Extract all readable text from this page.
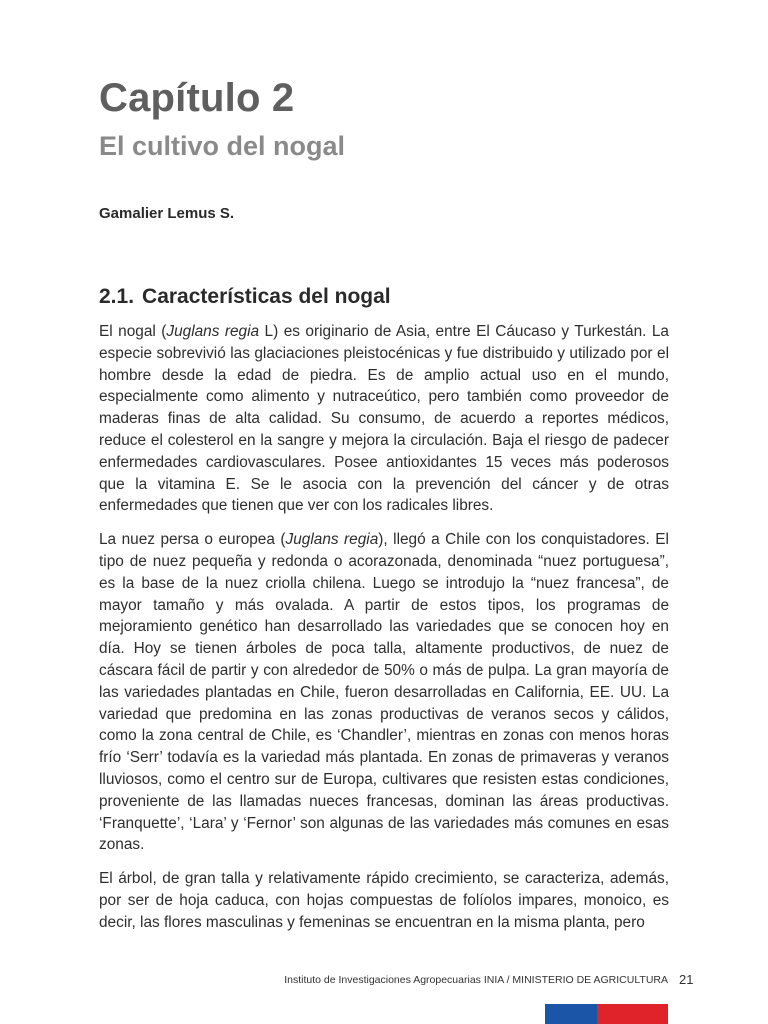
Capítulo 2
El cultivo del nogal
Gamalier Lemus S.
2.1. Características del nogal

El nogal (Juglans regia L) es originario de Asia, entre El Cáucaso y Turkestán. La especie sobrevivió las glaciaciones pleistocénicas y fue distribuido y utilizado por el hombre desde la edad de piedra. Es de amplio actual uso en el mundo, especialmente como alimento y nutraceútico, pero también como proveedor de maderas finas de alta calidad. Su consumo, de acuerdo a reportes médicos, reduce el colesterol en la sangre y mejora la circulación. Baja el riesgo de padecer enfermedades cardiovasculares. Posee antioxidantes 15 veces más poderosos que la vitamina E. Se le asocia con la prevención del cáncer y de otras enfermedades que tienen que ver con los radicales libres.

La nuez persa o europea (Juglans regia), llegó a Chile con los conquistadores. El tipo de nuez pequeña y redonda o acorazonada, denominada “nuez portuguesa”, es la base de la nuez criolla chilena. Luego se introdujo la “nuez francesa”, de mayor tamaño y más ovalada. A partir de estos tipos, los programas de mejoramiento genético han desarrollado las variedades que se conocen hoy en día. Hoy se tienen árboles de poca talla, altamente productivos, de nuez de cáscara fácil de partir y con alrededor de 50% o más de pulpa. La gran mayoría de las variedades plantadas en Chile, fueron desarrolladas en California, EE. UU. La variedad que predomina en las zonas productivas de veranos secos y cálidos, como la zona central de Chile, es ‘Chandler’, mientras en zonas con menos horas frío ‘Serr’ todavía es la variedad más plantada. En zonas de primaveras y veranos lluviosos, como el centro sur de Europa, cultivares que resisten estas condiciones, proveniente de las llamadas nueces francesas, dominan las áreas productivas. ‘Franquette’, ‘Lara’ y ‘Fernor’ son algunas de las variedades más comunes en esas zonas.

El árbol, de gran talla y relativamente rápido crecimiento, se caracteriza, además, por ser de hoja caduca, con hojas compuestas de folíolos impares, monoico, es decir, las flores masculinas y femeninas se encuentran en la misma planta, pero

Instituto de Investigaciones Agropecuarias INIA / MINISTERIO DE AGRICULTURA 21
